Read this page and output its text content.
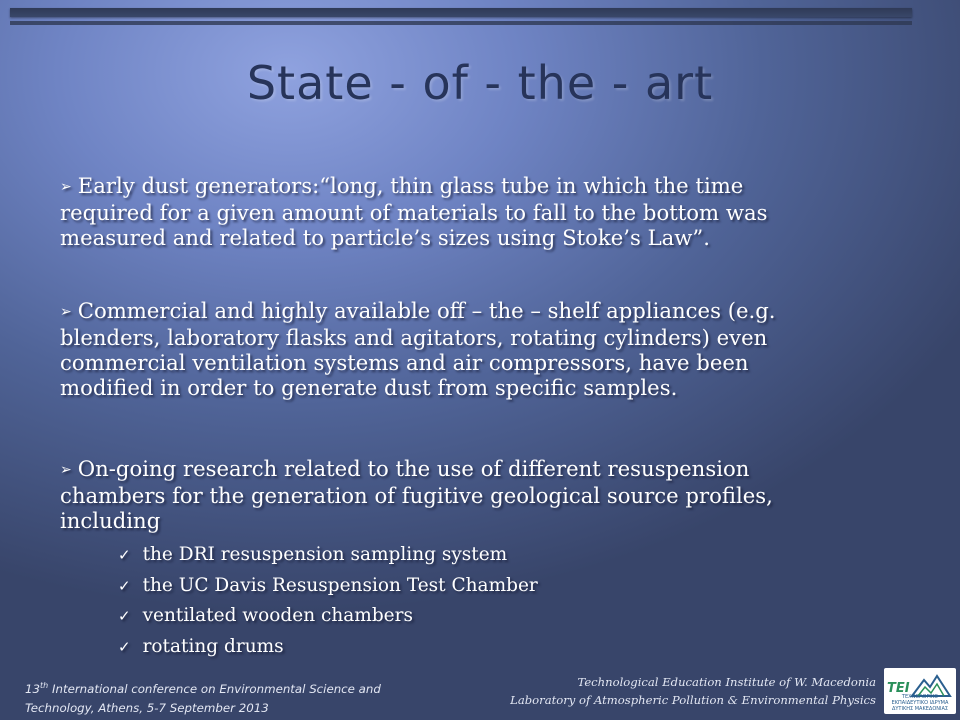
State - of - the - art
➢ Early dust generators:“long, thin glass tube in which the time
required for a given amount of materials to fall to the bottom was
measured and related to particle’s sizes using Stoke’s Law”.
➢ Commercial and highly available off – the – shelf appliances (e.g.
blenders, laboratory flasks and agitators, rotating cylinders) even
commercial ventilation systems and air compressors, have been
modified in order to generate dust from specific samples.
➢ On-going research related to the use of different resuspension
chambers for the generation of fugitive geological source profiles,
including
✓ the DRI resuspension sampling system
✓ the UC Davis Resuspension Test Chamber
✓ ventilated wooden chambers
✓ rotating drums
13th International conference on Environmental Science and
Technology, Athens, 5-7 September 2013
Technological Education Institute of W. Macedonia
Laboratory of Atmospheric Pollution & Environmental Physics
TEI
ΤΕΧΝΟΛΟΓΙΚΟ ΕΚΠΑΙΔΕΥΤΙΚΟ ΙΔΡΥΜΑ
ΔΥΤΙΚΗΣ ΜΑΚΕΔΟΝΙΑΣ
